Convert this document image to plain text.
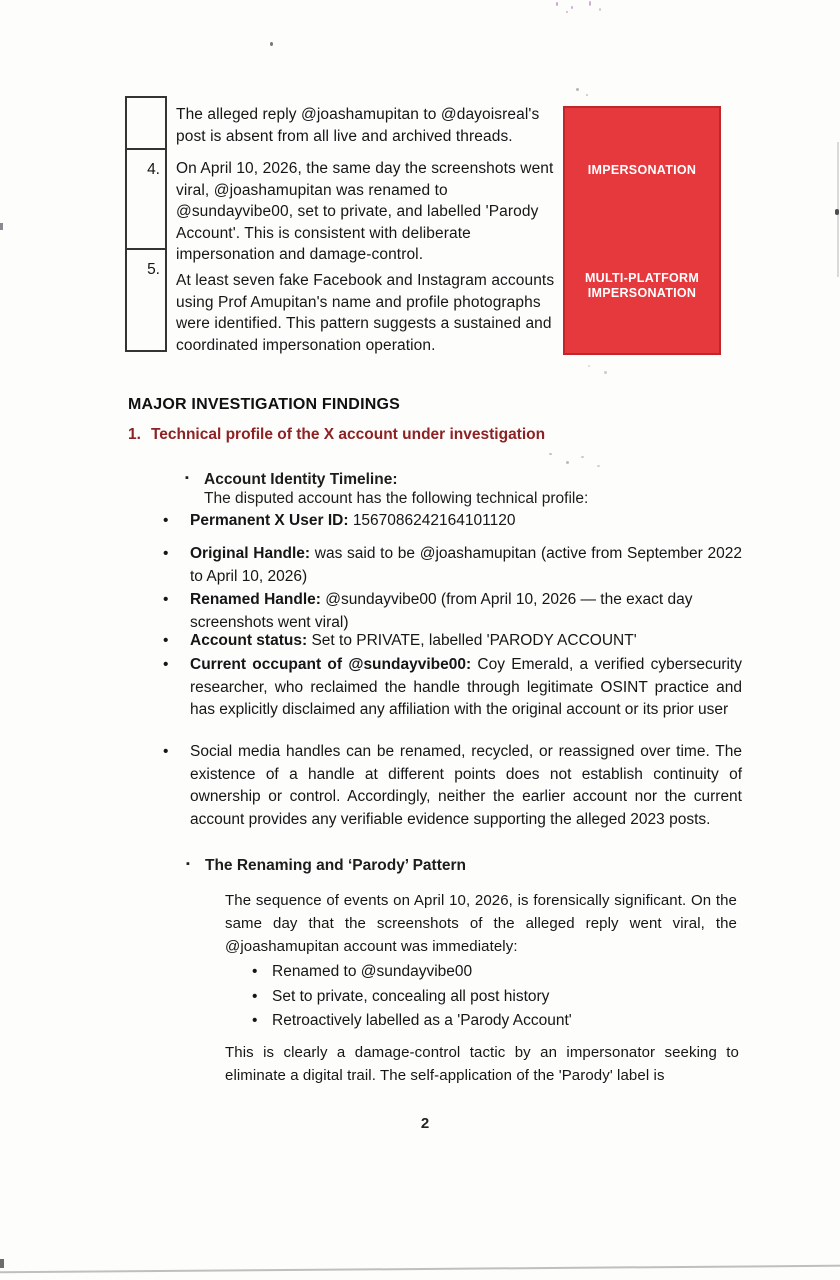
4.
5.
The alleged reply @joashamupitan to @dayoisreal's post is absent from all live and archived threads.
On April 10, 2026, the same day the screenshots went viral, @joashamupitan was renamed to @sundayvibe00, set to private, and labelled 'Parody Account'. This is consistent with deliberate impersonation and damage-control.
At least seven fake Facebook and Instagram accounts using Prof Amupitan's name and profile photographs were identified. This pattern suggests a sustained and coordinated impersonation operation.
IMPERSONATION
MULTI-PLATFORM IMPERSONATION
MAJOR INVESTIGATION FINDINGS
1. Technical profile of the X account under investigation
▪ Account Identity Timeline:
The disputed account has the following technical profile:
• Permanent X User ID: 1567086242164101120
• Original Handle: was said to be @joashamupitan (active from September 2022 to April 10, 2026)
• Renamed Handle: @sundayvibe00 (from April 10, 2026 — the exact day screenshots went viral)
• Account status: Set to PRIVATE, labelled 'PARODY ACCOUNT'
• Current occupant of @sundayvibe00: Coy Emerald, a verified cybersecurity researcher, who reclaimed the handle through legitimate OSINT practice and has explicitly disclaimed any affiliation with the original account or its prior user
• Social media handles can be renamed, recycled, or reassigned over time. The existence of a handle at different points does not establish continuity of ownership or control. Accordingly, neither the earlier account nor the current account provides any verifiable evidence supporting the alleged 2023 posts.
▪ The Renaming and ‘Parody’ Pattern
The sequence of events on April 10, 2026, is forensically significant. On the same day that the screenshots of the alleged reply went viral, the @joashamupitan account was immediately:
• Renamed to @sundayvibe00
• Set to private, concealing all post history
• Retroactively labelled as a 'Parody Account'
This is clearly a damage-control tactic by an impersonator seeking to eliminate a digital trail. The self-application of the 'Parody' label is
2
